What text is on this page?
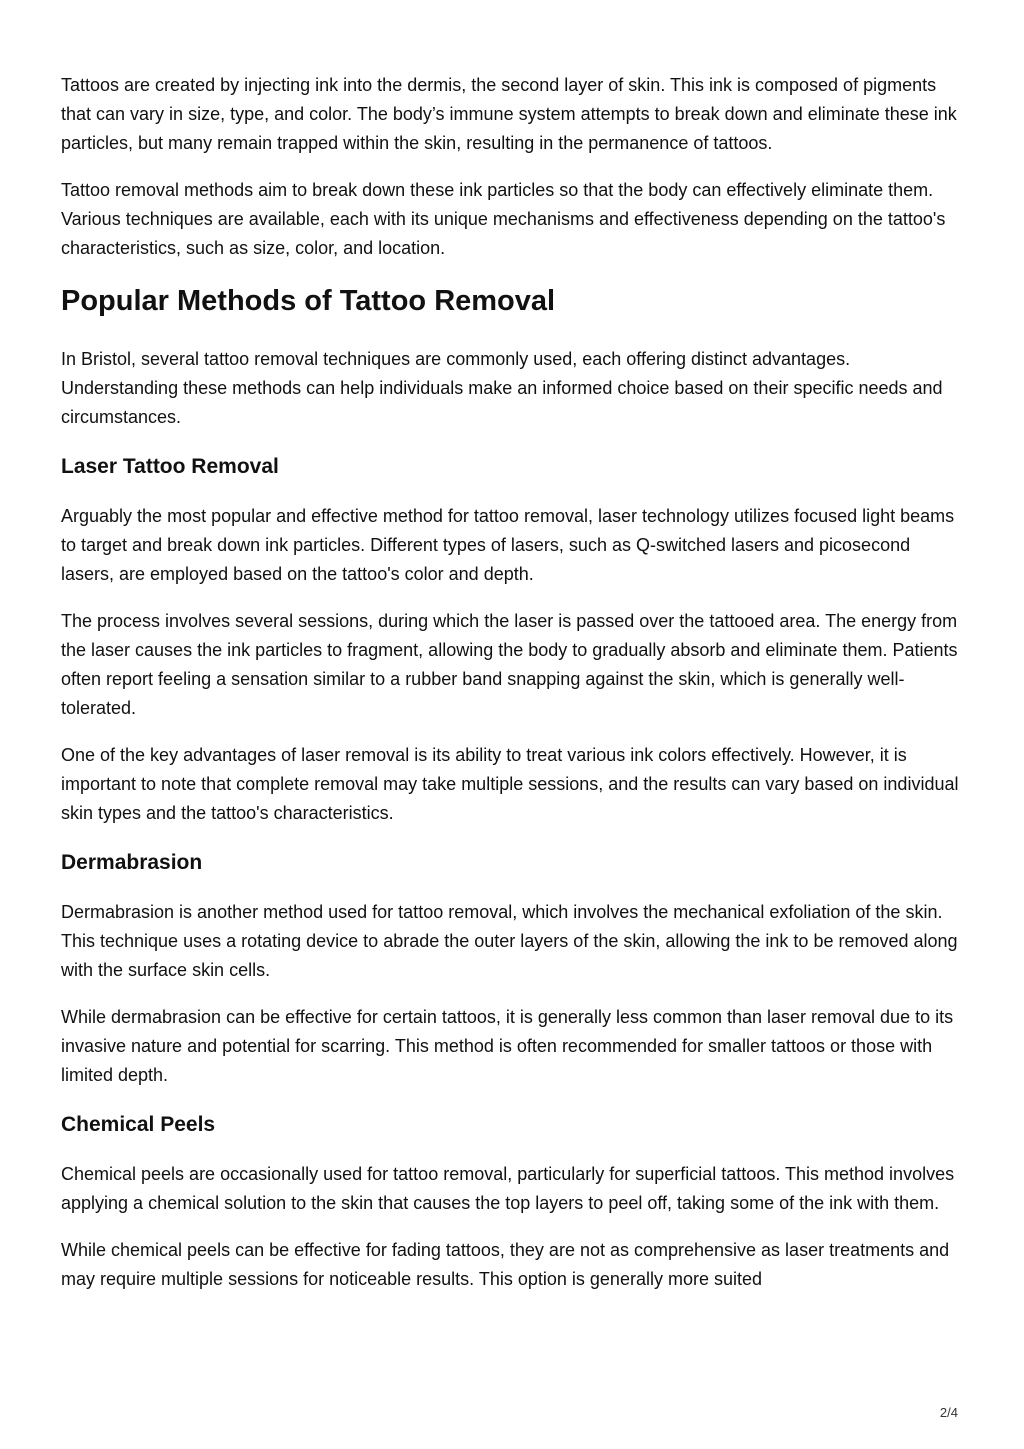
Tattoos are created by injecting ink into the dermis, the second layer of skin. This ink is composed of pigments that can vary in size, type, and color. The body’s immune system attempts to break down and eliminate these ink particles, but many remain trapped within the skin, resulting in the permanence of tattoos.

Tattoo removal methods aim to break down these ink particles so that the body can effectively eliminate them. Various techniques are available, each with its unique mechanisms and effectiveness depending on the tattoo's characteristics, such as size, color, and location.

Popular Methods of Tattoo Removal

In Bristol, several tattoo removal techniques are commonly used, each offering distinct advantages. Understanding these methods can help individuals make an informed choice based on their specific needs and circumstances.

Laser Tattoo Removal

Arguably the most popular and effective method for tattoo removal, laser technology utilizes focused light beams to target and break down ink particles. Different types of lasers, such as Q-switched lasers and picosecond lasers, are employed based on the tattoo's color and depth.

The process involves several sessions, during which the laser is passed over the tattooed area. The energy from the laser causes the ink particles to fragment, allowing the body to gradually absorb and eliminate them. Patients often report feeling a sensation similar to a rubber band snapping against the skin, which is generally well-tolerated.

One of the key advantages of laser removal is its ability to treat various ink colors effectively. However, it is important to note that complete removal may take multiple sessions, and the results can vary based on individual skin types and the tattoo's characteristics.

Dermabrasion

Dermabrasion is another method used for tattoo removal, which involves the mechanical exfoliation of the skin. This technique uses a rotating device to abrade the outer layers of the skin, allowing the ink to be removed along with the surface skin cells.

While dermabrasion can be effective for certain tattoos, it is generally less common than laser removal due to its invasive nature and potential for scarring. This method is often recommended for smaller tattoos or those with limited depth.

Chemical Peels

Chemical peels are occasionally used for tattoo removal, particularly for superficial tattoos. This method involves applying a chemical solution to the skin that causes the top layers to peel off, taking some of the ink with them.

While chemical peels can be effective for fading tattoos, they are not as comprehensive as laser treatments and may require multiple sessions for noticeable results. This option is generally more suited

2/4
